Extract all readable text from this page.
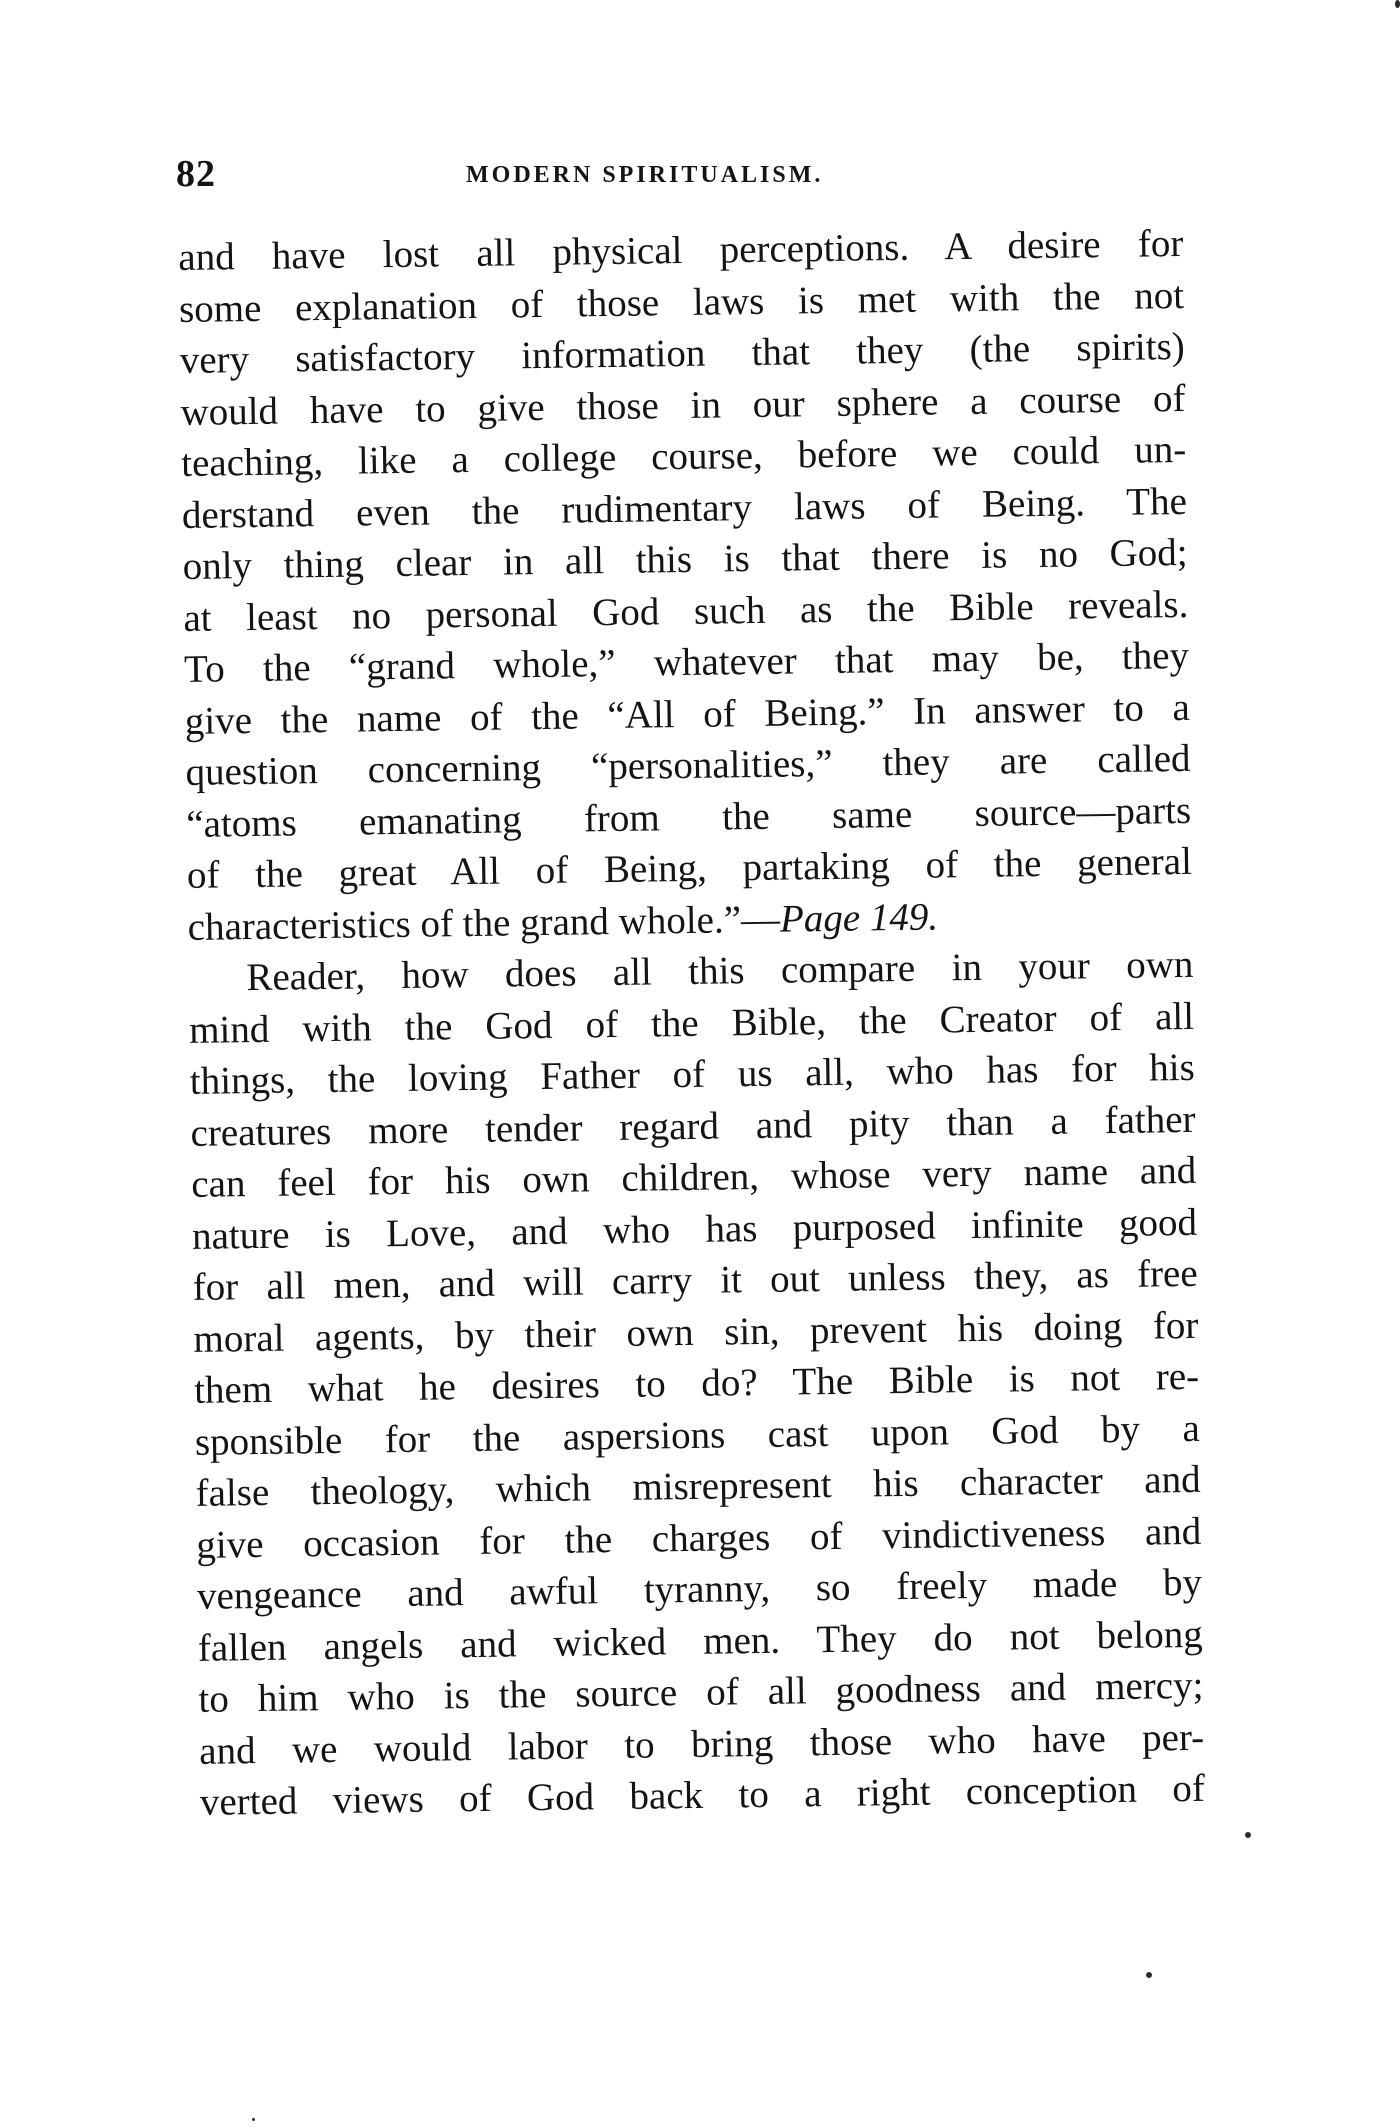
82	MODERN SPIRITUALISM.
and have lost all physical perceptions. A desire for
some explanation of those laws is met with the not
very satisfactory information that they (the spirits)
would have to give those in our sphere a course of
teaching, like a college course, before we could un-
derstand even the rudimentary laws of Being. The
only thing clear in all this is that there is no God;
at least no personal God such as the Bible reveals.
To the “grand whole,” whatever that may be, they
give the name of the “All of Being.” In answer to a
question concerning “personalities,” they are called
“atoms emanating from the same source—parts
of the great All of Being, partaking of the general
characteristics of the grand whole.”—Page 149.
Reader, how does all this compare in your own
mind with the God of the Bible, the Creator of all
things, the loving Father of us all, who has for his
creatures more tender regard and pity than a father
can feel for his own children, whose very name and
nature is Love, and who has purposed infinite good
for all men, and will carry it out unless they, as free
moral agents, by their own sin, prevent his doing for
them what he desires to do? The Bible is not re-
sponsible for the aspersions cast upon God by a
false theology, which misrepresent his character and
give occasion for the charges of vindictiveness and
vengeance and awful tyranny, so freely made by
fallen angels and wicked men. They do not belong
to him who is the source of all goodness and mercy;
and we would labor to bring those who have per-
verted views of God back to a right conception of
